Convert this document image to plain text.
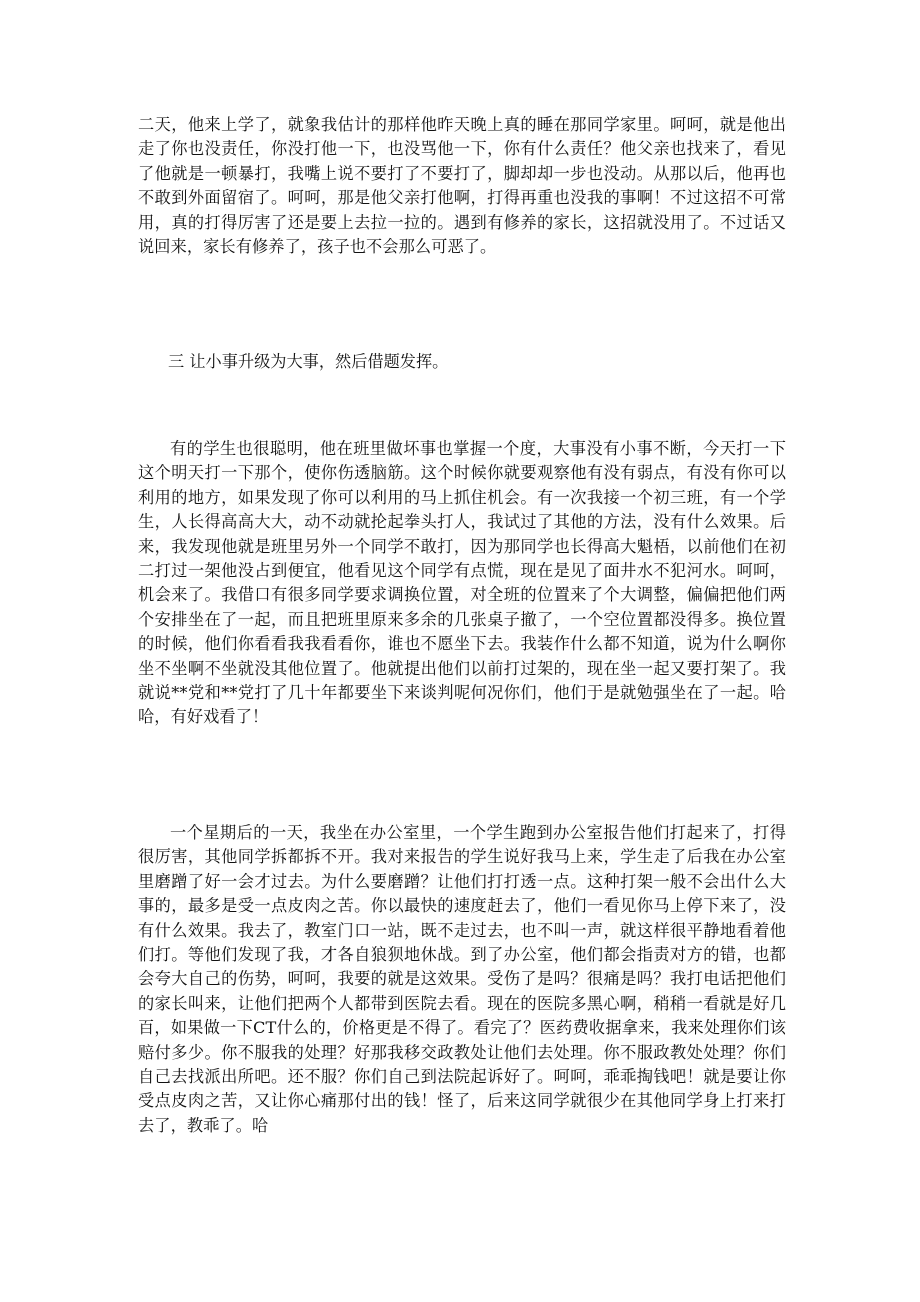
二天，他来上学了，就象我估计的那样他昨天晚上真的睡在那同学家里。呵呵，就是他出走了你也没责任，你没打他一下，也没骂他一下，你有什么责任？他父亲也找来了，看见了他就是一顿暴打，我嘴上说不要打了不要打了，脚却却一步也没动。从那以后，他再也不敢到外面留宿了。呵呵，那是他父亲打他啊，打得再重也没我的事啊！不过这招不可常用，真的打得厉害了还是要上去拉一拉的。遇到有修养的家长，这招就没用了。不过话又说回来，家长有修养了，孩子也不会那么可恶了。

三 让小事升级为大事，然后借题发挥。

有的学生也很聪明，他在班里做坏事也掌握一个度，大事没有小事不断，今天打一下这个明天打一下那个，使你伤透脑筋。这个时候你就要观察他有没有弱点，有没有你可以利用的地方，如果发现了你可以利用的马上抓住机会。有一次我接一个初三班，有一个学生，人长得高高大大，动不动就抡起拳头打人，我试过了其他的方法，没有什么效果。后来，我发现他就是班里另外一个同学不敢打，因为那同学也长得高大魁梧，以前他们在初二打过一架他没占到便宜，他看见这个同学有点慌，现在是见了面井水不犯河水。呵呵，机会来了。我借口有很多同学要求调换位置，对全班的位置来了个大调整，偏偏把他们两个安排坐在了一起，而且把班里原来多余的几张桌子撤了，一个空位置都没得多。换位置的时候，他们你看看我我看看你，谁也不愿坐下去。我装作什么都不知道，说为什么啊你坐不坐啊不坐就没其他位置了。他就提出他们以前打过架的，现在坐一起又要打架了。我就说**党和**党打了几十年都要坐下来谈判呢何况你们，他们于是就勉强坐在了一起。哈哈，有好戏看了！

一个星期后的一天，我坐在办公室里，一个学生跑到办公室报告他们打起来了，打得很厉害，其他同学拆都拆不开。我对来报告的学生说好我马上来，学生走了后我在办公室里磨蹭了好一会才过去。为什么要磨蹭？让他们打打透一点。这种打架一般不会出什么大事的，最多是受一点皮肉之苦。你以最快的速度赶去了，他们一看见你马上停下来了，没有什么效果。我去了，教室门口一站，既不走过去，也不叫一声，就这样很平静地看着他们打。等他们发现了我，才各自狼狈地休战。到了办公室，他们都会指责对方的错，也都会夸大自己的伤势，呵呵，我要的就是这效果。受伤了是吗？很痛是吗？我打电话把他们的家长叫来，让他们把两个人都带到医院去看。现在的医院多黑心啊，稍稍一看就是好几百，如果做一下CT什么的，价格更是不得了。看完了？医药费收据拿来，我来处理你们该赔付多少。你不服我的处理？好那我移交政教处让他们去处理。你不服政教处处理？你们自己去找派出所吧。还不服？你们自己到法院起诉好了。呵呵，乖乖掏钱吧！就是要让你受点皮肉之苦，又让你心痛那付出的钱！怪了，后来这同学就很少在其他同学身上打来打去了，教乖了。哈
